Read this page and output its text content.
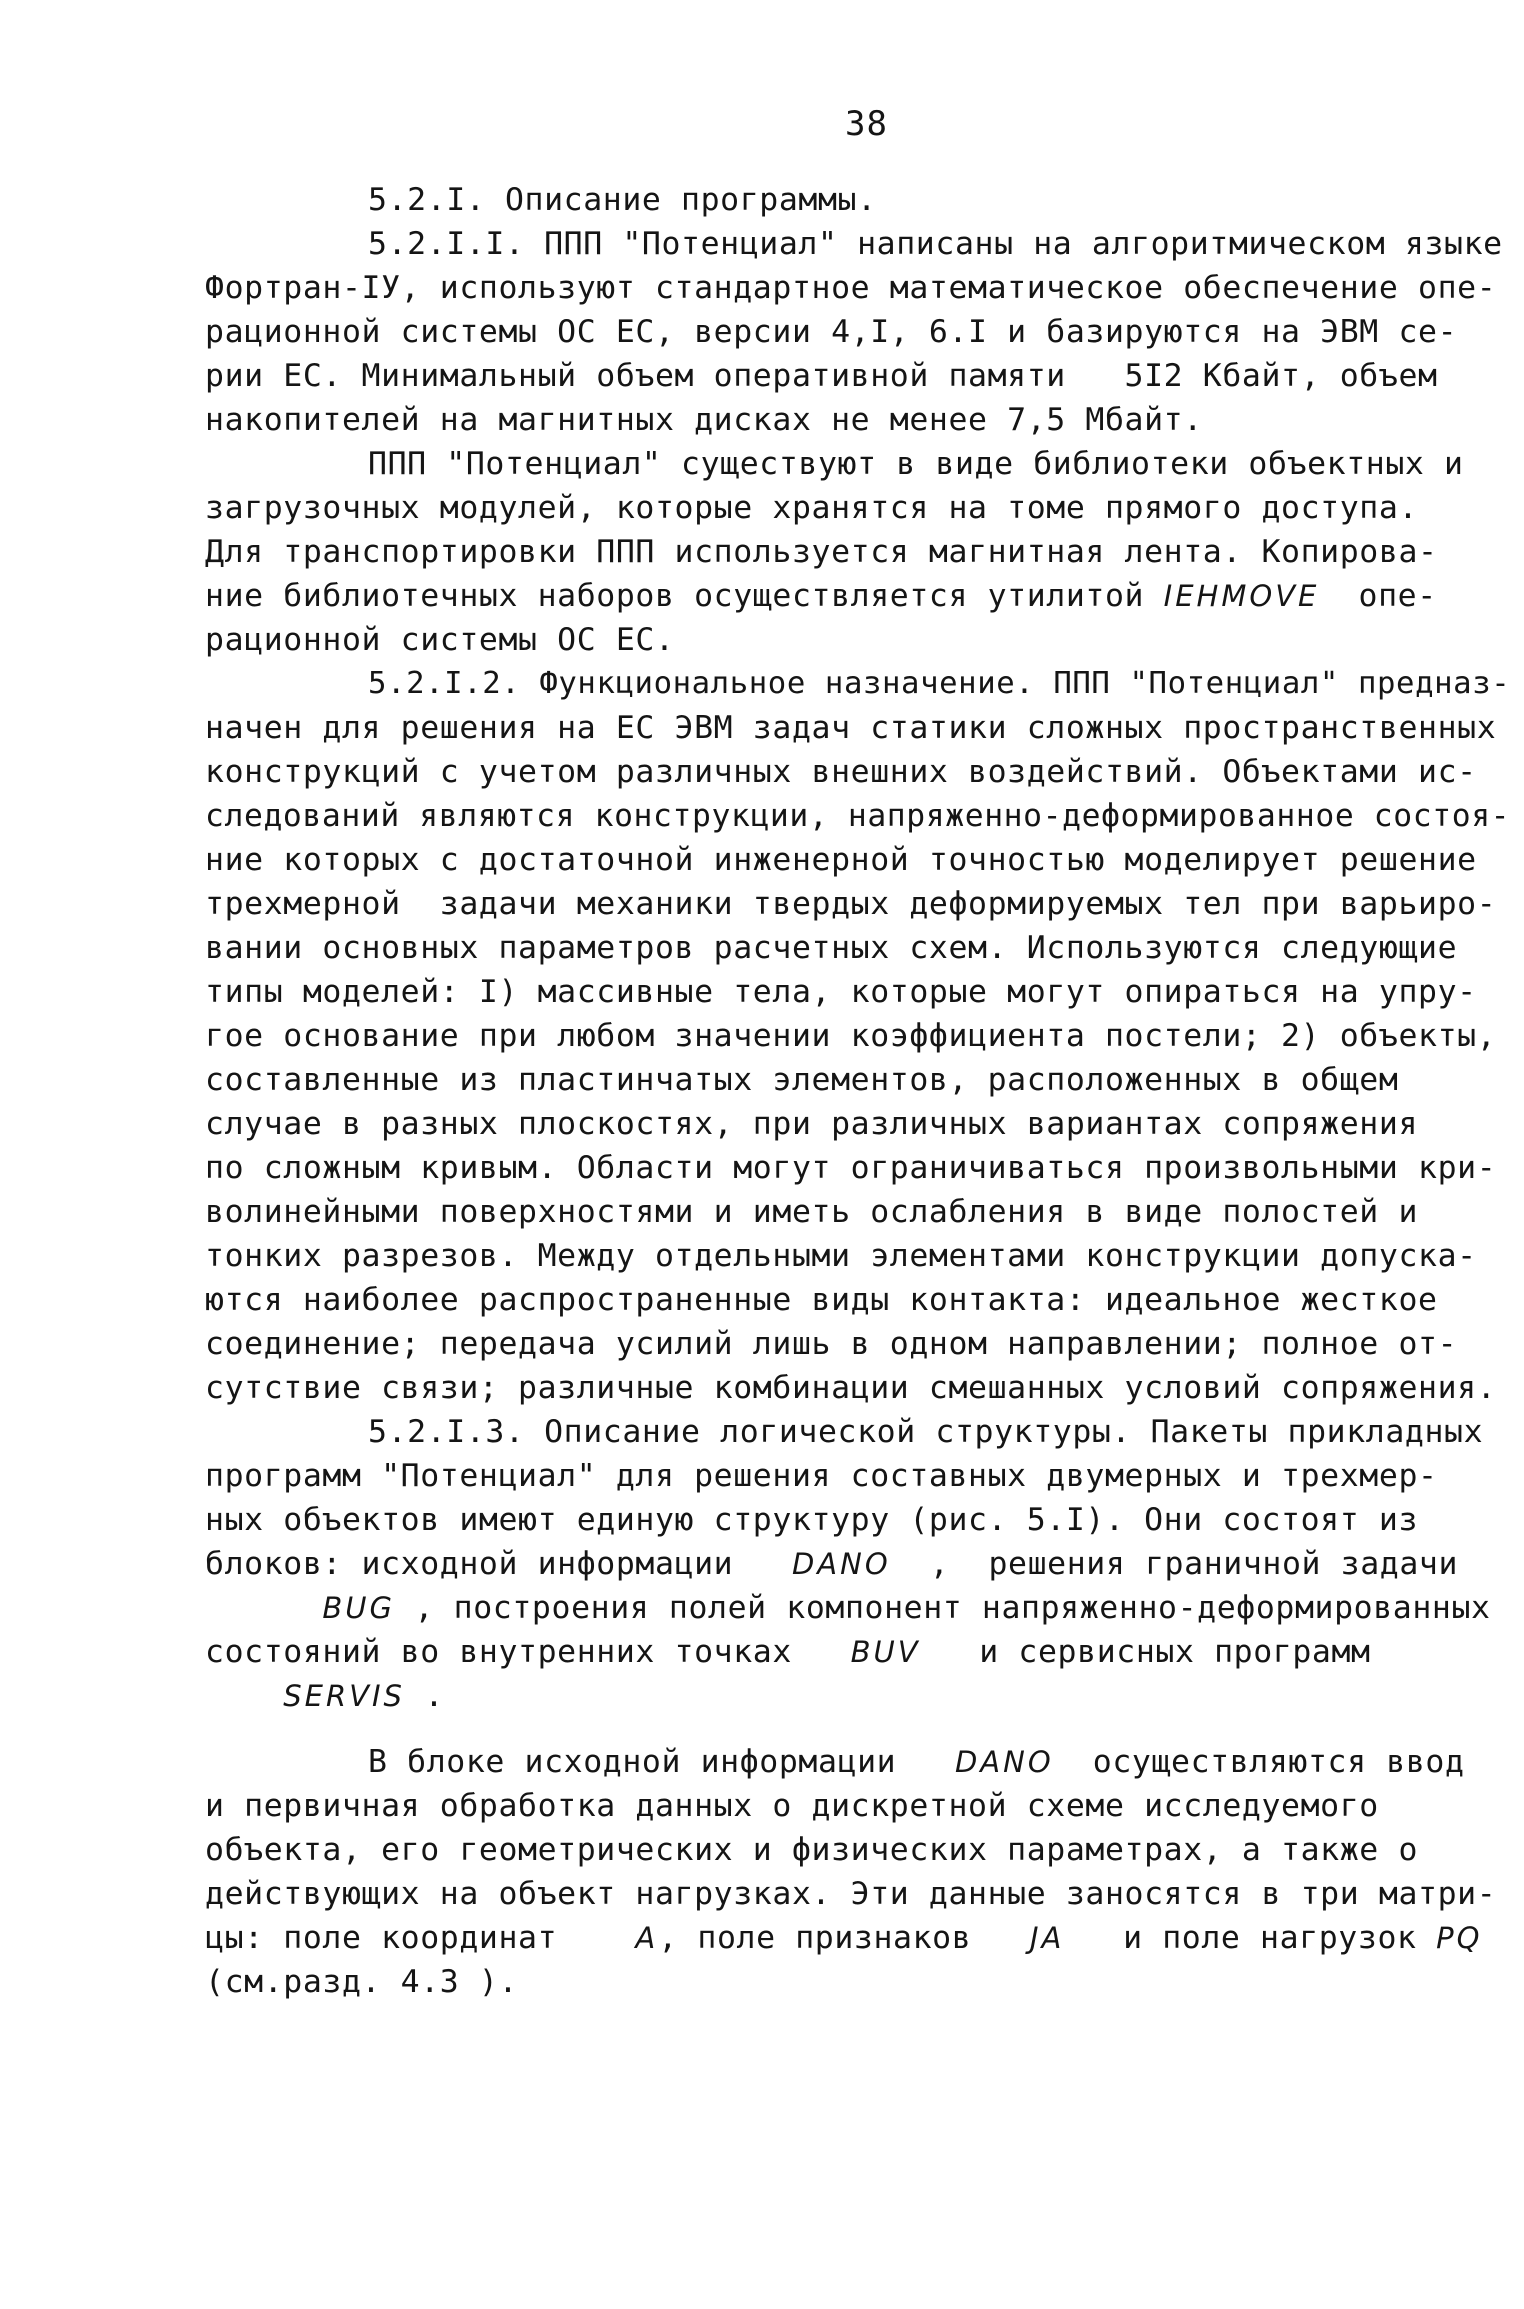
38
5.2.I. Описание программы.
5.2.I.I. ППП "Потенциал" написаны на алгоритмическом языке
Фортран-IУ, используют стандартное математическое обеспечение опе-
рационной системы ОС ЕС, версии 4,I, 6.I и базируются на ЭВМ се-
рии ЕС. Минимальный объем оперативной памяти   5I2 Кбайт, объем
накопителей на магнитных дисках не менее 7,5 Мбайт.
ППП "Потенциал" существуют в виде библиотеки объектных и
загрузочных модулей, которые хранятся на томе прямого доступа.
Для транспортировки ППП используется магнитная лента. Копирова-
ние библиотечных наборов осуществляется утилитой IEHMOVE  опе-
рационной системы ОС ЕС.
5.2.I.2. Функциональное назначение. ППП "Потенциал" предназ-
начен для решения на ЕС ЭВМ задач статики сложных пространственных
конструкций с учетом различных внешних воздействий. Объектами ис-
следований являются конструкции, напряженно-деформированное состоя-
ние которых с достаточной инженерной точностью моделирует решение
трехмерной  задачи механики твердых деформируемых тел при варьиро-
вании основных параметров расчетных схем. Используются следующие
типы моделей: I) массивные тела, которые могут опираться на упру-
гое основание при любом значении коэффициента постели; 2) объекты,
составленные из пластинчатых элементов, расположенных в общем
случае в разных плоскостях, при различных вариантах сопряжения
по сложным кривым. Области могут ограничиваться произвольными кри-
волинейными поверхностями и иметь ослабления в виде полостей и
тонких разрезов. Между отдельными элементами конструкции допуска-
ются наиболее распространенные виды контакта: идеальное жесткое
соединение; передача усилий лишь в одном направлении; полное от-
сутствие связи; различные комбинации смешанных условий сопряжения.
5.2.I.3. Описание логической структуры. Пакеты прикладных
программ "Потенциал" для решения составных двумерных и трехмер-
ных объектов имеют единую структуру (рис. 5.I). Они состоят из
блоков: исходной информации   DANO  ,  решения граничной задачи
BUG , построения полей компонент напряженно-деформированных
состояний во внутренних точках   BUV   и сервисных программ
SERVIS .
В блоке исходной информации   DANO  осуществляются ввод
и первичная обработка данных о дискретной схеме исследуемого
объекта, его геометрических и физических параметрах, а также о
действующих на объект нагрузках. Эти данные заносятся в три матри-
цы: поле координат    A, поле признаков   JA   и поле нагрузок PQ
(см.разд. 4.3 ).
